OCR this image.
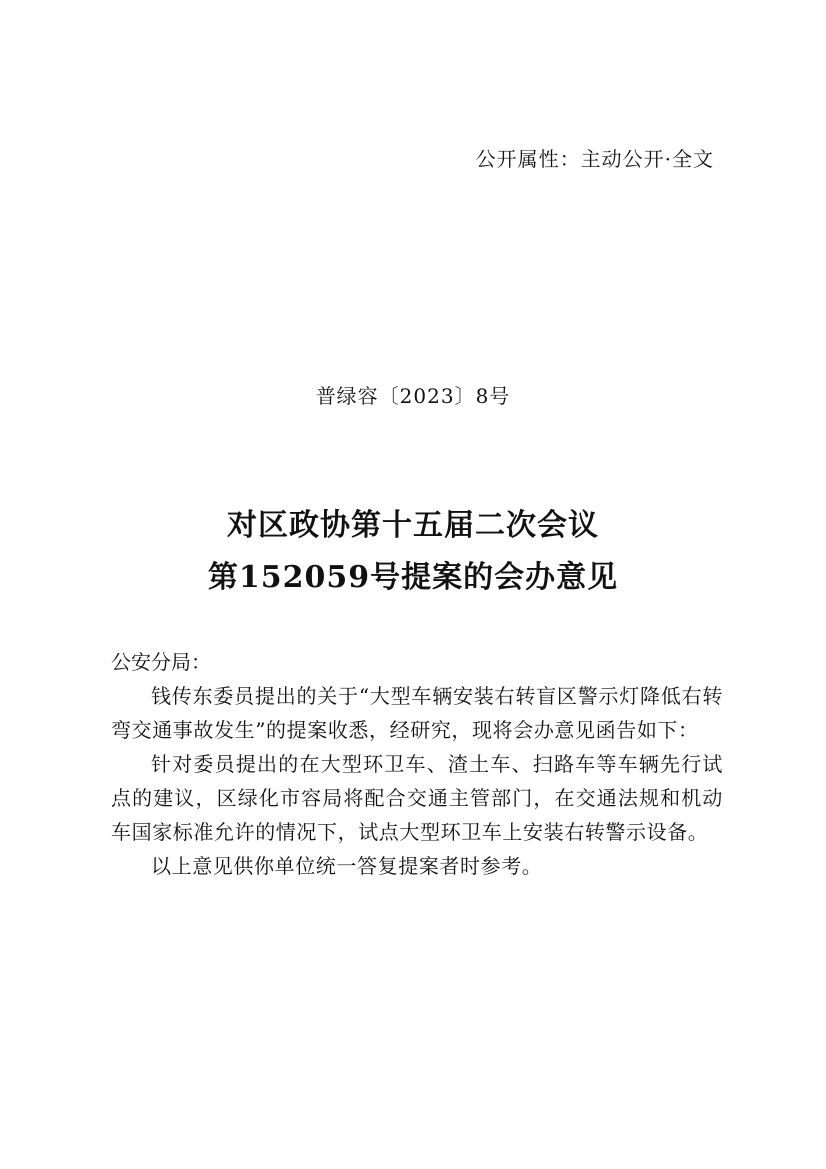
公开属性：主动公开·全文
普绿容〔2023〕8号
对区政协第十五届二次会议
第152059号提案的会办意见

公安分局：

钱传东委员提出的关于“大型车辆安装右转盲区警示灯降低右转弯交通事故发生”的提案收悉，经研究，现将会办意见函告如下：

针对委员提出的在大型环卫车、渣土车、扫路车等车辆先行试点的建议，区绿化市容局将配合交通主管部门，在交通法规和机动车国家标准允许的情况下，试点大型环卫车上安装右转警示设备。

以上意见供你单位统一答复提案者时参考。
